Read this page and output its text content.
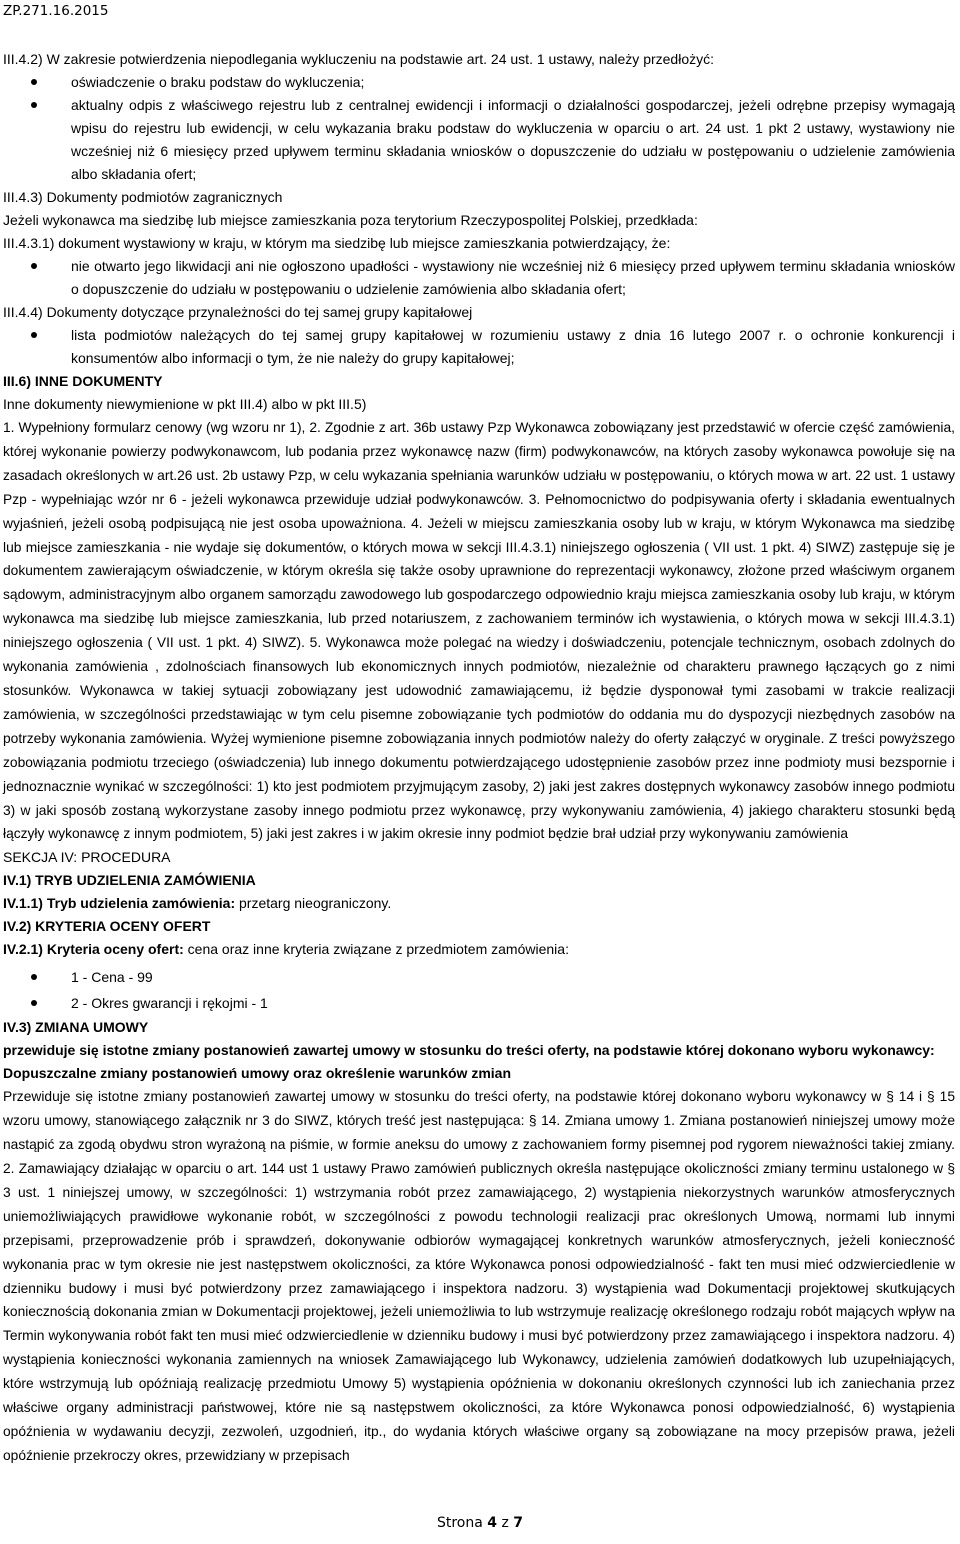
ZP.271.16.2015

III.4.2) W zakresie potwierdzenia niepodlegania wykluczeniu na podstawie art. 24 ust. 1 ustawy, należy przedłożyć:

oświadczenie o braku podstaw do wykluczenia;
aktualny odpis z właściwego rejestru lub z centralnej ewidencji i informacji o działalności gospodarczej, jeżeli odrębne przepisy wymagają wpisu do rejestru lub ewidencji, w celu wykazania braku podstaw do wykluczenia w oparciu o art. 24 ust. 1 pkt 2 ustawy, wystawiony nie wcześniej niż 6 miesięcy przed upływem terminu składania wniosków o dopuszczenie do udziału w postępowaniu o udzielenie zamówienia albo składania ofert;

III.4.3) Dokumenty podmiotów zagranicznych

Jeżeli wykonawca ma siedzibę lub miejsce zamieszkania poza terytorium Rzeczypospolitej Polskiej, przedkłada:

III.4.3.1) dokument wystawiony w kraju, w którym ma siedzibę lub miejsce zamieszkania potwierdzający, że:

nie otwarto jego likwidacji ani nie ogłoszono upadłości - wystawiony nie wcześniej niż 6 miesięcy przed upływem terminu składania wniosków o dopuszczenie do udziału w postępowaniu o udzielenie zamówienia albo składania ofert;

III.4.4) Dokumenty dotyczące przynależności do tej samej grupy kapitałowej

lista podmiotów należących do tej samej grupy kapitałowej w rozumieniu ustawy z dnia 16 lutego 2007 r. o ochronie konkurencji i konsumentów albo informacji o tym, że nie należy do grupy kapitałowej;

III.6) INNE DOKUMENTY

Inne dokumenty niewymienione w pkt III.4) albo w pkt III.5)

1. Wypełniony formularz cenowy (wg wzoru nr 1), 2. Zgodnie z art. 36b ustawy Pzp Wykonawca zobowiązany jest przedstawić w ofercie część zamówienia, której wykonanie powierzy podwykonawcom, lub podania przez wykonawcę nazw (firm) podwykonawców, na których zasoby wykonawca powołuje się na zasadach określonych w art.26 ust. 2b ustawy Pzp, w celu wykazania spełniania warunków udziału w postępowaniu, o których mowa w art. 22 ust. 1 ustawy Pzp - wypełniając wzór nr 6 - jeżeli wykonawca przewiduje udział podwykonawców. 3. Pełnomocnictwo do podpisywania oferty i składania ewentualnych wyjaśnień, jeżeli osobą podpisującą nie jest osoba upoważniona. 4. Jeżeli w miejscu zamieszkania osoby lub w kraju, w którym Wykonawca ma siedzibę lub miejsce zamieszkania - nie wydaje się dokumentów, o których mowa w sekcji III.4.3.1) niniejszego ogłoszenia ( VII ust. 1 pkt. 4) SIWZ) zastępuje się je dokumentem zawierającym oświadczenie, w którym określa się także osoby uprawnione do reprezentacji wykonawcy, złożone przed właściwym organem sądowym, administracyjnym albo organem samorządu zawodowego lub gospodarczego odpowiednio kraju miejsca zamieszkania osoby lub kraju, w którym wykonawca ma siedzibę lub miejsce zamieszkania, lub przed notariuszem, z zachowaniem terminów ich wystawienia, o których mowa w sekcji III.4.3.1) niniejszego ogłoszenia ( VII ust. 1 pkt. 4) SIWZ). 5. Wykonawca może polegać na wiedzy i doświadczeniu, potencjale technicznym, osobach zdolnych do wykonania zamówienia , zdolnościach finansowych lub ekonomicznych innych podmiotów, niezależnie od charakteru prawnego łączących go z nimi stosunków. Wykonawca w takiej sytuacji zobowiązany jest udowodnić zamawiającemu, iż będzie dysponował tymi zasobami w trakcie realizacji zamówienia, w szczególności przedstawiając w tym celu pisemne zobowiązanie tych podmiotów do oddania mu do dyspozycji niezbędnych zasobów na potrzeby wykonania zamówienia. Wyżej wymienione pisemne zobowiązania innych podmiotów należy do oferty załączyć w oryginale. Z treści powyższego zobowiązania podmiotu trzeciego (oświadczenia) lub innego dokumentu potwierdzającego udostępnienie zasobów przez inne podmioty musi bezspornie i jednoznacznie wynikać w szczególności: 1) kto jest podmiotem przyjmującym zasoby, 2) jaki jest zakres dostępnych wykonawcy zasobów innego podmiotu 3) w jaki sposób zostaną wykorzystane zasoby innego podmiotu przez wykonawcę, przy wykonywaniu zamówienia, 4) jakiego charakteru stosunki będą łączyły wykonawcę z innym podmiotem, 5) jaki jest zakres i w jakim okresie inny podmiot będzie brał udział przy wykonywaniu zamówienia

SEKCJA IV: PROCEDURA

IV.1) TRYB UDZIELENIA ZAMÓWIENIA

IV.1.1) Tryb udzielenia zamówienia: przetarg nieograniczony.

IV.2) KRYTERIA OCENY OFERT

IV.2.1) Kryteria oceny ofert: cena oraz inne kryteria związane z przedmiotem zamówienia:

1 - Cena - 99
2 - Okres gwarancji i rękojmi - 1

IV.3) ZMIANA UMOWY

przewiduje się istotne zmiany postanowień zawartej umowy w stosunku do treści oferty, na podstawie której dokonano wyboru wykonawcy:

Dopuszczalne zmiany postanowień umowy oraz określenie warunków zmian

Przewiduje się istotne zmiany postanowień zawartej umowy w stosunku do treści oferty, na podstawie której dokonano wyboru wykonawcy w § 14 i § 15 wzoru umowy, stanowiącego załącznik nr 3 do SIWZ, których treść jest następująca: § 14. Zmiana umowy 1. Zmiana postanowień niniejszej umowy może nastąpić za zgodą obydwu stron wyrażoną na piśmie, w formie aneksu do umowy z zachowaniem formy pisemnej pod rygorem nieważności takiej zmiany. 2. Zamawiający działając w oparciu o art. 144 ust 1 ustawy Prawo zamówień publicznych określa następujące okoliczności zmiany terminu ustalonego w § 3 ust. 1 niniejszej umowy, w szczególności: 1) wstrzymania robót przez zamawiającego, 2) wystąpienia niekorzystnych warunków atmosferycznych uniemożliwiających prawidłowe wykonanie robót, w szczególności z powodu technologii realizacji prac określonych Umową, normami lub innymi przepisami, przeprowadzenie prób i sprawdzeń, dokonywanie odbiorów wymagającej konkretnych warunków atmosferycznych, jeżeli konieczność wykonania prac w tym okresie nie jest następstwem okoliczności, za które Wykonawca ponosi odpowiedzialność - fakt ten musi mieć odzwierciedlenie w dzienniku budowy i musi być potwierdzony przez zamawiającego i inspektora nadzoru. 3) wystąpienia wad Dokumentacji projektowej skutkujących koniecznością dokonania zmian w Dokumentacji projektowej, jeżeli uniemożliwia to lub wstrzymuje realizację określonego rodzaju robót mających wpływ na Termin wykonywania robót fakt ten musi mieć odzwierciedlenie w dzienniku budowy i musi być potwierdzony przez zamawiającego i inspektora nadzoru. 4) wystąpienia konieczności wykonania zamiennych na wniosek Zamawiającego lub Wykonawcy, udzielenia zamówień dodatkowych lub uzupełniających, które wstrzymują lub opóźniają realizację przedmiotu Umowy 5) wystąpienia opóźnienia w dokonaniu określonych czynności lub ich zaniechania przez właściwe organy administracji państwowej, które nie są następstwem okoliczności, za które Wykonawca ponosi odpowiedzialność, 6) wystąpienia opóźnienia w wydawaniu decyzji, zezwoleń, uzgodnień, itp., do wydania których właściwe organy są zobowiązane na mocy przepisów prawa, jeżeli opóźnienie przekroczy okres, przewidziany w przepisach

Strona 4 z 7
